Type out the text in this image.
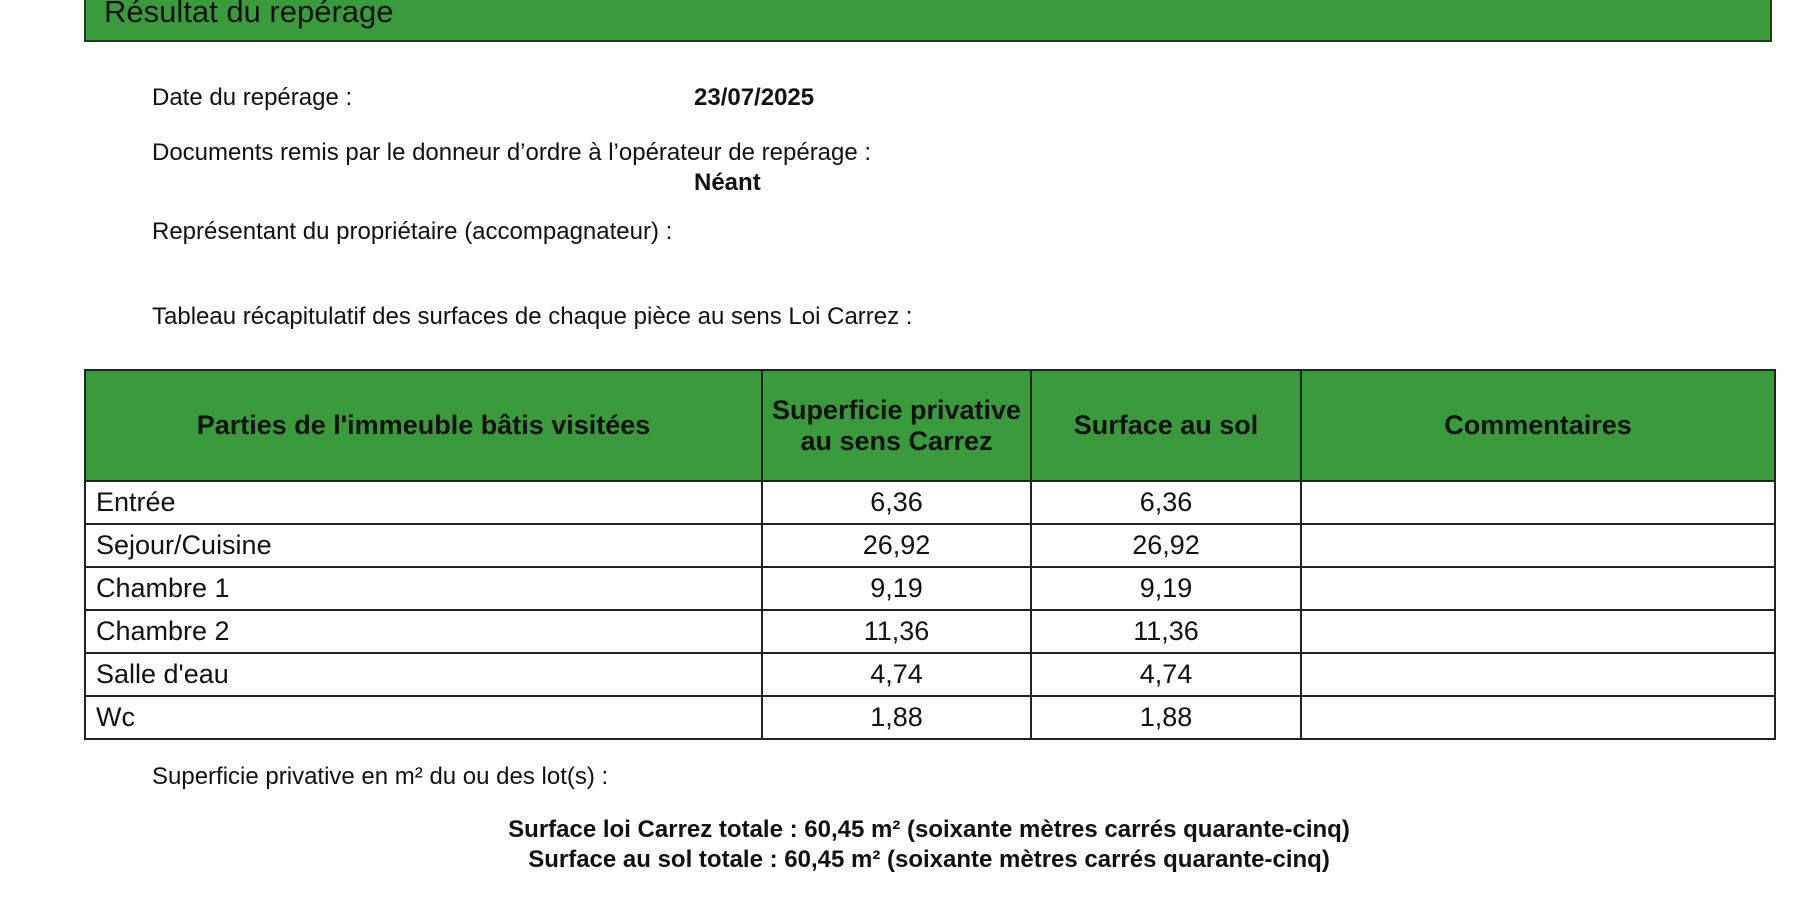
Résultat du repérage
Date du repérage :	23/07/2025
Documents remis par le donneur d’ordre à l’opérateur de repérage :
Néant
Représentant du propriétaire (accompagnateur) :
Tableau récapitulatif des surfaces de chaque pièce au sens Loi Carrez :
Parties de l'immeuble bâtis visitées	Superficie privative au sens Carrez	Surface au sol	Commentaires
Entrée	6,36	6,36	
Sejour/Cuisine	26,92	26,92	
Chambre 1	9,19	9,19	
Chambre 2	11,36	11,36	
Salle d'eau	4,74	4,74	
Wc	1,88	1,88	
Superficie privative en m² du ou des lot(s) :
Surface loi Carrez totale : 60,45 m² (soixante mètres carrés quarante-cinq)
Surface au sol totale : 60,45 m² (soixante mètres carrés quarante-cinq)
